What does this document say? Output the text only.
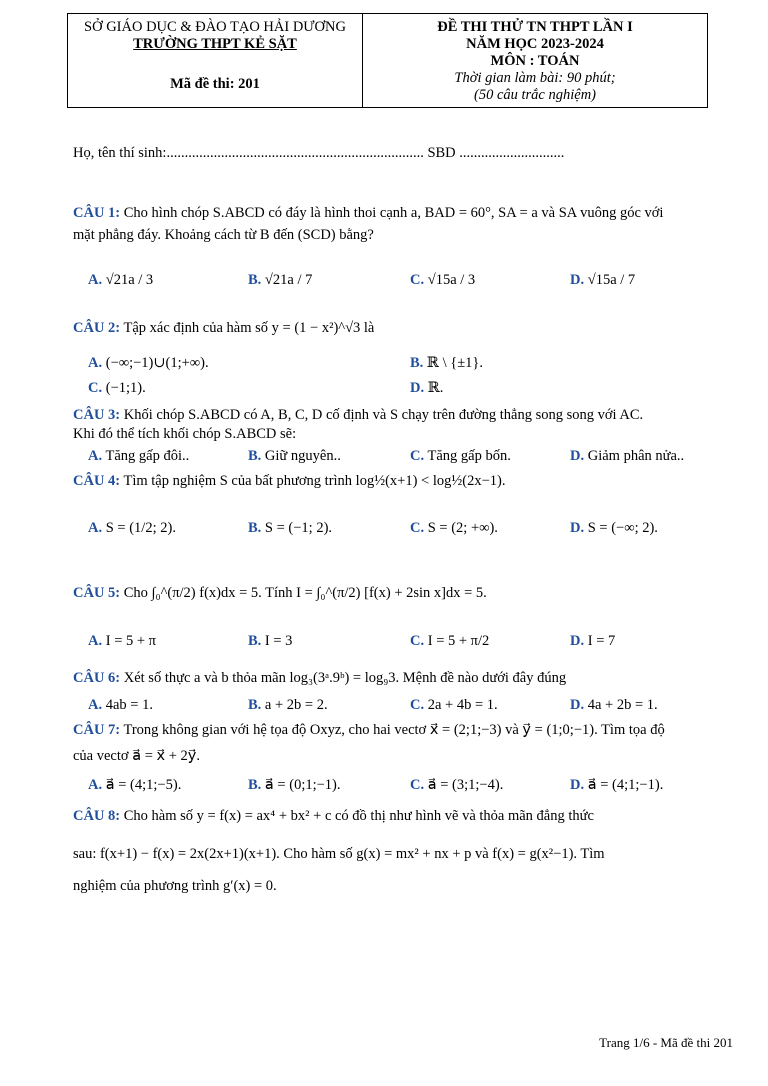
SỞ GIÁO DỤC & ĐÀO TẠO HẢI DƯƠNG
TRƯỜNG THPT KẺ SẶT
Mã đề thi: 201
ĐỀ THI THỬ TN THPT LẦN I
NĂM HỌC 2023-2024
MÔN : TOÁN
Thời gian làm bài: 90 phút;
(50 câu trắc nghiệm)
Họ, tên thí sinh:....................................................................... SBD .............................
CÂU 1: Cho hình chóp S.ABCD có đáy là hình thoi cạnh a, BAD = 60°, SA = a và SA vuông góc với
mặt phẳng đáy. Khoảng cách từ B đến (SCD) bằng?
A. √21a / 3	B. √21a / 7	C. √15a / 3	D. √15a / 7
CÂU 2: Tập xác định của hàm số y = (1 − x²)^√3 là
A. (−∞;−1)∪(1;+∞).	B. ℝ \ {±1}.
C. (−1;1).	D. ℝ.
CÂU 3: Khối chóp S.ABCD có A, B, C, D cố định và S chạy trên đường thẳng song song với AC.
Khi đó thể tích khối chóp S.ABCD sẽ:
A. Tăng gấp đôi..	B. Giữ nguyên..	C. Tăng gấp bốn.	D. Giảm phân nửa..
CÂU 4: Tìm tập nghiệm S của bất phương trình log½(x+1) < log½(2x−1).
A. S = (1/2; 2).	B. S = (−1; 2).	C. S = (2; +∞).	D. S = (−∞; 2).
CÂU 5: Cho ∫₀^(π/2) f(x)dx = 5. Tính I = ∫₀^(π/2) [f(x) + 2sin x]dx = 5.
A. I = 5 + π	B. I = 3	C. I = 5 + π/2	D. I = 7
CÂU 6: Xét số thực a và b thỏa mãn log₃(3ᵃ.9ᵇ) = log₉3. Mệnh đề nào dưới đây đúng
A. 4ab = 1.	B. a + 2b = 2.	C. 2a + 4b = 1.	D. 4a + 2b = 1.
CÂU 7: Trong không gian với hệ tọa độ Oxyz, cho hai vectơ x⃗ = (2;1;−3) và y⃗ = (1;0;−1). Tìm tọa độ
của vectơ a⃗ = x⃗ + 2y⃗.
A. a⃗ = (4;1;−5).	B. a⃗ = (0;1;−1).	C. a⃗ = (3;1;−4).	D. a⃗ = (4;1;−1).
CÂU 8: Cho hàm số y = f(x) = ax⁴ + bx² + c có đồ thị như hình vẽ và thỏa mãn đẳng thức
sau: f(x+1) − f(x) = 2x(2x+1)(x+1). Cho hàm số g(x) = mx² + nx + p và f(x) = g(x²−1). Tìm
nghiệm của phương trình g′(x) = 0.
Trang 1/6 - Mã đề thi 201
